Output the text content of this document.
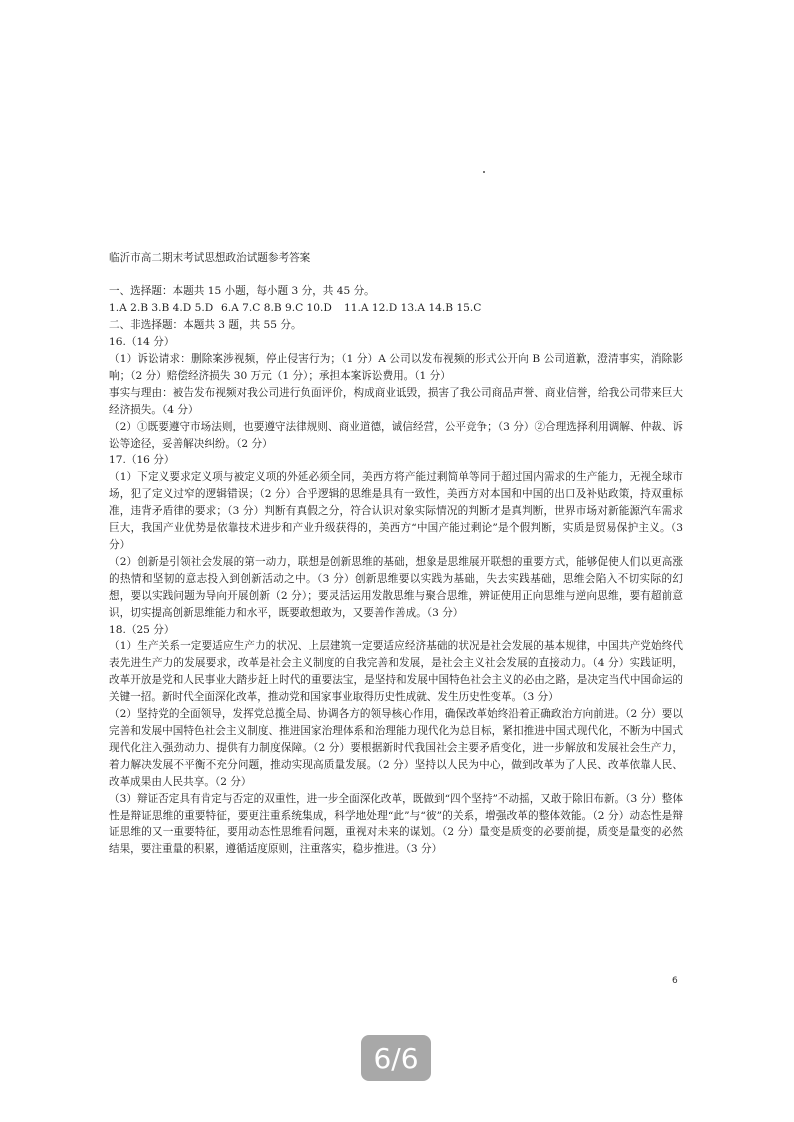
临沂市高二期末考试思想政治试题参考答案

一、选择题：本题共 15 小题，每小题 3 分，共 45 分。

1.A 2.B 3.B 4.D 5.D 6.A 7.C 8.B 9.C 10.D 11.A 12.D 13.A 14.B 15.C

二、非选择题：本题共 3 题，共 55 分。

16.（14 分）

（1）诉讼请求：删除案涉视频，停止侵害行为；（1 分）A 公司以发布视频的形式公开向 B 公司道歉，澄清事实，消除影响；（2 分）赔偿经济损失 30 万元（1 分）；承担本案诉讼费用。（1 分）

事实与理由：被告发布视频对我公司进行负面评价，构成商业诋毁，损害了我公司商品声誉、商业信誉，给我公司带来巨大经济损失。（4 分）

（2）①既要遵守市场法则，也要遵守法律规则、商业道德，诚信经营，公平竞争；（3 分）②合理选择利用调解、仲裁、诉讼等途径，妥善解决纠纷。（2 分）

17.（16 分）

（1）下定义要求定义项与被定义项的外延必须全同，美西方将产能过剩简单等同于超过国内需求的生产能力，无视全球市场，犯了定义过窄的逻辑错误；（2 分）合乎逻辑的思维是具有一致性，美西方对本国和中国的出口及补贴政策，持双重标准，违背矛盾律的要求；（3 分）判断有真假之分，符合认识对象实际情况的判断才是真判断，世界市场对新能源汽车需求巨大，我国产业优势是依靠技术进步和产业升级获得的，美西方“中国产能过剩论”是个假判断，实质是贸易保护主义。（3 分）

（2）创新是引领社会发展的第一动力，联想是创新思维的基础，想象是思维展开联想的重要方式，能够促使人们以更高涨的热情和坚韧的意志投入到创新活动之中。（3 分）创新思维要以实践为基础，失去实践基础，思维会陷入不切实际的幻想，要以实践问题为导向开展创新（2 分）；要灵活运用发散思维与聚合思维，辨证使用正向思维与逆向思维，要有超前意识，切实提高创新思维能力和水平，既要敢想敢为，又要善作善成。（3 分）

18.（25 分）

（1）生产关系一定要适应生产力的状况、上层建筑一定要适应经济基础的状况是社会发展的基本规律，中国共产党始终代表先进生产力的发展要求，改革是社会主义制度的自我完善和发展，是社会主义社会发展的直接动力。（4 分）实践证明，改革开放是党和人民事业大踏步赶上时代的重要法宝，是坚持和发展中国特色社会主义的必由之路，是决定当代中国命运的关键一招。新时代全面深化改革，推动党和国家事业取得历史性成就、发生历史性变革。（3 分）

（2）坚持党的全面领导，发挥党总揽全局、协调各方的领导核心作用，确保改革始终沿着正确政治方向前进。（2 分）要以完善和发展中国特色社会主义制度、推进国家治理体系和治理能力现代化为总目标，紧扣推进中国式现代化，不断为中国式现代化注入强劲动力、提供有力制度保障。（2 分）要根据新时代我国社会主要矛盾变化，进一步解放和发展社会生产力，着力解决发展不平衡不充分问题，推动实现高质量发展。（2 分）坚持以人民为中心，做到改革为了人民、改革依靠人民、改革成果由人民共享。（2 分）

（3）辩证否定具有肯定与否定的双重性，进一步全面深化改革，既做到“四个坚持”不动摇，又敢于除旧布新。（3 分）整体性是辩证思维的重要特征，要更注重系统集成，科学地处理“此”与“彼”的关系，增强改革的整体效能。（2 分）动态性是辩证思维的又一重要特征，要用动态性思维看问题，重视对未来的谋划。（2 分）量变是质变的必要前提，质变是量变的必然结果，要注重量的积累，遵循适度原则，注重落实，稳步推进。（3 分）

6
6/6
